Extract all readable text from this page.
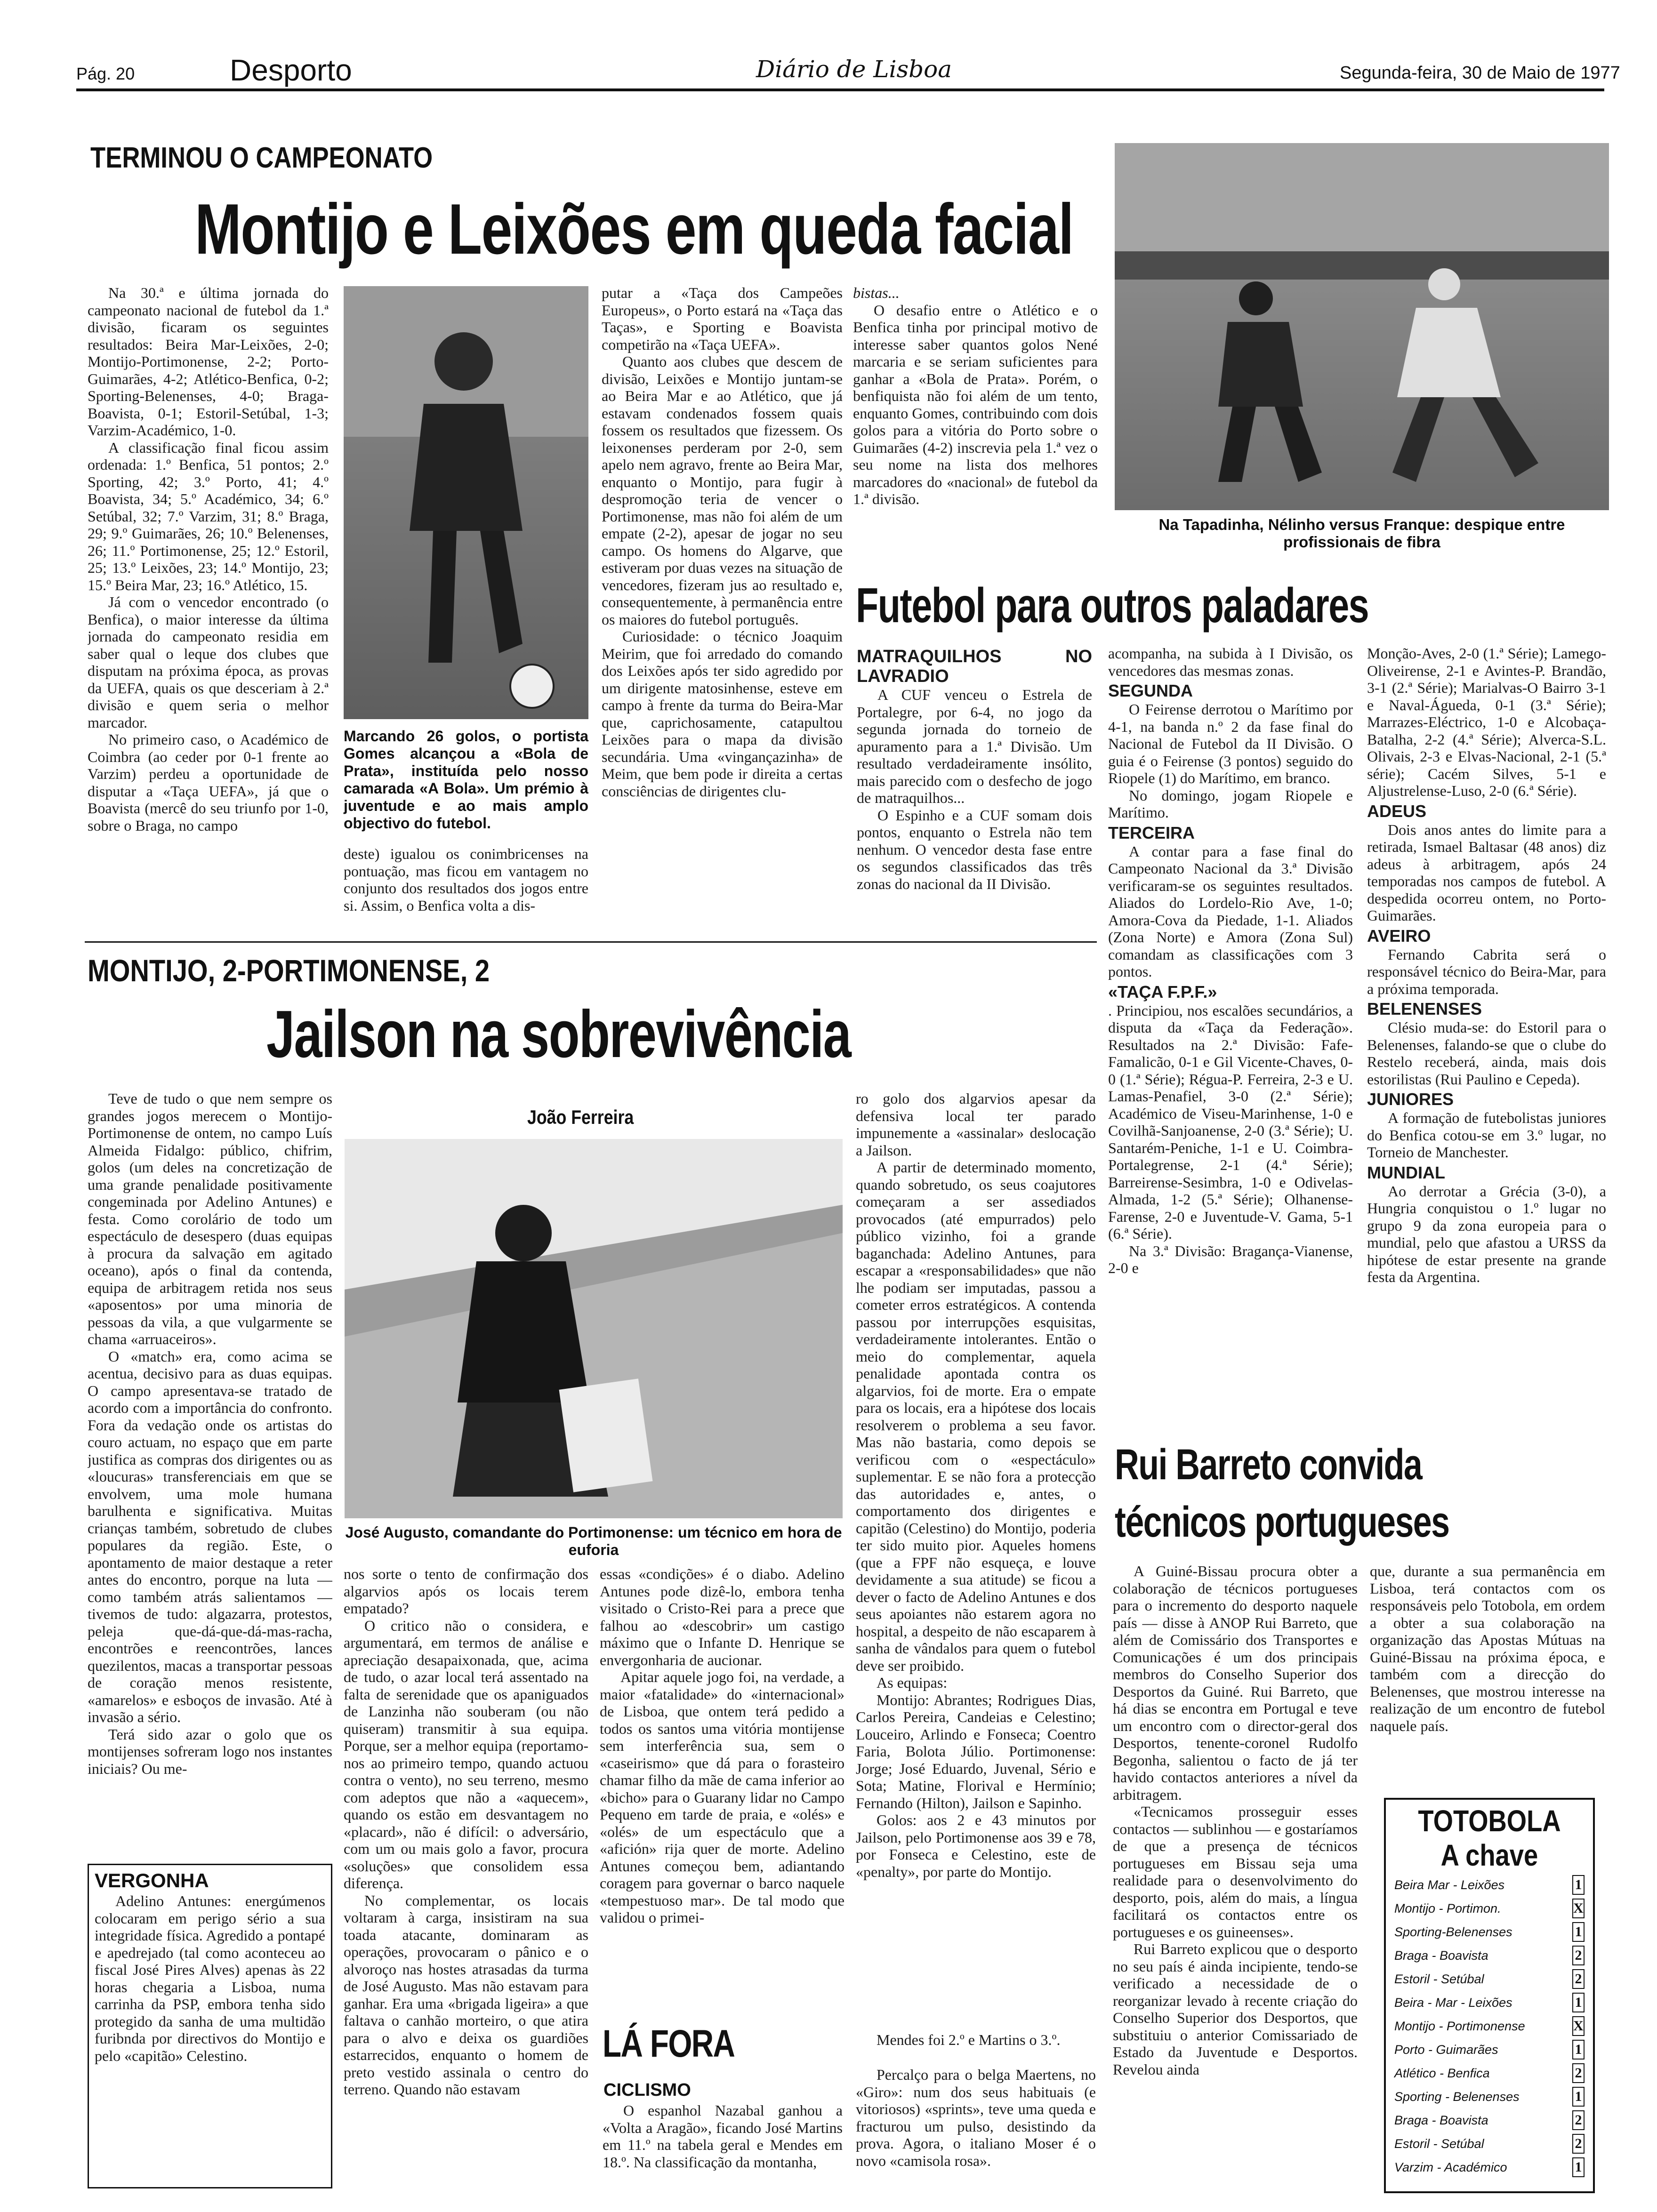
Pág. 20	Desporto	Diário de Lisboa	Segunda-feira, 30 de Maio de 1977
TERMINOU O CAMPEONATO
Montijo e Leixões em queda facial

Na 30.ª e última jornada do campeonato nacional de futebol da 1.ª divisão, ficaram os seguintes resultados: Beira Mar-Leixões, 2-0; Montijo-Portimonense, 2-2; Porto-Guimarães, 4-2; Atlético-Benfica, 0-2; Sporting-Belenenses, 4-0; Braga-Boavista, 0-1; Estoril-Setúbal, 1-3; Varzim-Académico, 1-0.

A classificação final ficou assim ordenada: 1.º Benfica, 51 pontos; 2.º Sporting, 42; 3.º Porto, 41; 4.º Boavista, 34; 5.º Académico, 34; 6.º Setúbal, 32; 7.º Varzim, 31; 8.º Braga, 29; 9.º Guimarães, 26; 10.º Belenenses, 26; 11.º Portimonense, 25; 12.º Estoril, 25; 13.º Leixões, 23; 14.º Montijo, 23; 15.º Beira Mar, 23; 16.º Atlético, 15.

Já com o vencedor encontrado (o Benfica), o maior interesse da última jornada do campeonato residia em saber qual o leque dos clubes que disputam na próxima época, as provas da UEFA, quais os que desceriam à 2.ª divisão e quem seria o melhor marcador.

No primeiro caso, o Académico de Coimbra (ao ceder por 0-1 frente ao Varzim) perdeu a oportunidade de disputar a «Taça UEFA», já que o Boavista (mercê do seu triunfo por 1-0, sobre o Braga, no campo

Marcando 26 golos, o portista Gomes alcançou a «Bola de Prata», instituída pelo nosso camarada «A Bola». Um prémio à juventude e ao mais amplo objectivo do futebol.

deste) igualou os conimbricenses na pontuação, mas ficou em vantagem no conjunto dos resultados dos jogos entre si. Assim, o Benfica volta a dis-

putar a «Taça dos Campeões Europeus», o Porto estará na «Taça das Taças», e Sporting e Boavista competirão na «Taça UEFA».

Quanto aos clubes que descem de divisão, Leixões e Montijo juntam-se ao Beira Mar e ao Atlético, que já estavam condenados fossem quais fossem os resultados que fizessem. Os leixonenses perderam por 2-0, sem apelo nem agravo, frente ao Beira Mar, enquanto o Montijo, para fugir à despromoção teria de vencer o Portimonense, mas não foi além de um empate (2-2), apesar de jogar no seu campo. Os homens do Algarve, que estiveram por duas vezes na situação de vencedores, fizeram jus ao resultado e, consequentemente, à permanência entre os maiores do futebol português.

Curiosidade: o técnico Joaquim Meirim, que foi arredado do comando dos Leixões após ter sido agredido por um dirigente matosinhense, esteve em campo à frente da turma do Beira-Mar que, caprichosamente, catapultou Leixões para o mapa da divisão secundária. Uma «vingançazinha» de Meim, que bem pode ir direita a certas consciências de dirigentes clu-

bistas...

O desafio entre o Atlético e o Benfica tinha por principal motivo de interesse saber quantos golos Nené marcaria e se seriam suficientes para ganhar a «Bola de Prata». Porém, o benfiquista não foi além de um tento, enquanto Gomes, contribuindo com dois golos para a vitória do Porto sobre o Guimarães (4-2) inscrevia pela 1.ª vez o seu nome na lista dos melhores marcadores do «nacional» de futebol da 1.ª divisão.

Na Tapadinha, Nélinho versus Franque: despique entre profissionais de fibra
Futebol para outros paladares
MATRAQUILHOS NO LAVRADIO

A CUF venceu o Estrela de Portalegre, por 6-4, no jogo da segunda jornada do torneio de apuramento para a 1.ª Divisão. Um resultado verdadeiramente insólito, mais parecido com o desfecho de jogo de matraquilhos...

O Espinho e a CUF somam dois pontos, enquanto o Estrela não tem nenhum. O vencedor desta fase entre os segundos classificados das três zonas do nacional da II Divisão.

acompanha, na subida à I Divisão, os vencedores das mesmas zonas.

SEGUNDA

O Feirense derrotou o Marítimo por 4-1, na banda n.º 2 da fase final do Nacional de Futebol da II Divisão. O guia é o Feirense (3 pontos) seguido do Riopele (1) do Marítimo, em branco.

No domingo, jogam Riopele e Marítimo.

TERCEIRA

A contar para a fase final do Campeonato Nacional da 3.ª Divisão verificaram-se os seguintes resultados. Aliados do Lordelo-Rio Ave, 1-0; Amora-Cova da Piedade, 1-1. Aliados (Zona Norte) e Amora (Zona Sul) comandam as classificações com 3 pontos.

«TAÇA F.P.F.»

. Principiou, nos escalões secundários, a disputa da «Taça da Federação». Resultados na 2.ª Divisão: Fafe-Famalicão, 0-1 e Gil Vicente-Chaves, 0-0 (1.ª Série); Régua-P. Ferreira, 2-3 e U. Lamas-Penafiel, 3-0 (2.ª Série); Académico de Viseu-Marinhense, 1-0 e Covilhã-Sanjoanense, 2-0 (3.ª Série); U. Santarém-Peniche, 1-1 e U. Coimbra-Portalegrense, 2-1 (4.ª Série); Barreirense-Sesimbra, 1-0 e Odivelas-Almada, 1-2 (5.ª Série); Olhanense-Farense, 2-0 e Juventude-V. Gama, 5-1 (6.ª Série).

Na 3.ª Divisão: Bragança-Vianense, 2-0 e

Monção-Aves, 2-0 (1.ª Série); Lamego-Oliveirense, 2-1 e Avintes-P. Brandão, 3-1 (2.ª Série); Marialvas-O Bairro 3-1 e Naval-Águeda, 0-1 (3.ª Série); Marrazes-Eléctrico, 1-0 e Alcobaça-Batalha, 2-2 (4.ª Série); Alverca-S.L. Olivais, 2-3 e Elvas-Nacional, 2-1 (5.ª série); Cacém Silves, 5-1 e Aljustrelense-Luso, 2-0 (6.ª Série).

ADEUS

Dois anos antes do limite para a retirada, Ismael Baltasar (48 anos) diz adeus à arbitragem, após 24 temporadas nos campos de futebol. A despedida ocorreu ontem, no Porto-Guimarães.

AVEIRO

Fernando Cabrita será o responsável técnico do Beira-Mar, para a próxima temporada.

BELENENSES

Clésio muda-se: do Estoril para o Belenenses, falando-se que o clube do Restelo receberá, ainda, mais dois estorilistas (Rui Paulino e Cepeda).

JUNIORES

A formação de futebolistas juniores do Benfica cotou-se em 3.º lugar, no Torneio de Manchester.

MUNDIAL

Ao derrotar a Grécia (3-0), a Hungria conquistou o 1.º lugar no grupo 9 da zona europeia para o mundial, pelo que afastou a URSS da hipótese de estar presente na grande festa da Argentina.

MONTIJO, 2-PORTIMONENSE, 2
Jailson na sobrevivência

Teve de tudo o que nem sempre os grandes jogos merecem o Montijo-Portimonense de ontem, no campo Luís Almeida Fidalgo: público, chifrim, golos (um deles na concretização de uma grande penalidade positivamente congeminada por Adelino Antunes) e festa. Como corolário de todo um espectáculo de desespero (duas equipas à procura da salvação em agitado oceano), após o final da contenda, equipa de arbitragem retida nos seus «aposentos» por uma minoria de pessoas da vila, a que vulgarmente se chama «arruaceiros».

O «match» era, como acima se acentua, decisivo para as duas equipas. O campo apresentava-se tratado de acordo com a importância do confronto. Fora da vedação onde os artistas do couro actuam, no espaço que em parte justifica as compras dos dirigentes ou as «loucuras» transferenciais em que se envolvem, uma mole humana barulhenta e significativa. Muitas crianças também, sobretudo de clubes populares da região. Este, o apontamento de maior destaque a reter antes do encontro, porque na luta — como também atrás salientamos — tivemos de tudo: algazarra, protestos, peleja que-dá-que-dá-mas-racha, encontrões e reencontrões, lances quezilentos, macas a transportar pessoas de coração menos resistente, «amarelos» e esboços de invasão. Até à invasão a sério.

Terá sido azar o golo que os montijenses sofreram logo nos instantes iniciais? Ou me-

João Ferreira
José Augusto, comandante do Portimonense: um técnico em hora de euforia

nos sorte o tento de confirmação dos algarvios após os locais terem empatado?

O critico não o considera, e argumentará, em termos de análise e apreciação desapaixonada, que, acima de tudo, o azar local terá assentado na falta de serenidade que os apaniguados de Lanzinha não souberam (ou não quiseram) transmitir à sua equipa. Porque, ser a melhor equipa (reportamo-nos ao primeiro tempo, quando actuou contra o vento), no seu terreno, mesmo com adeptos que não a «aquecem», quando os estão em desvantagem no «placard», não é difícil: o adversário, com um ou mais golo a favor, procura «soluções» que consolidem essa diferença.

No complementar, os locais voltaram à carga, insistiram na sua toada atacante, dominaram as operações, provocaram o pânico e o alvoroço nas hostes atrasadas da turma de José Augusto. Mas não estavam para ganhar. Era uma «brigada ligeira» a que faltava o canhão morteiro, o que atira para o alvo e deixa os guardiões estarrecidos, enquanto o homem de preto vestido assinala o centro do terreno. Quando não estavam

essas «condições» é o diabo. Adelino Antunes pode dizê-lo, embora tenha visitado o Cristo-Rei para a prece que falhou ao «descobrir» um castigo máximo que o Infante D. Henrique se envergonharia de aucionar.

Apitar aquele jogo foi, na verdade, a maior «fatalidade» do «internacional» de Lisboa, que ontem terá pedido a todos os santos uma vitória montijense sem interferência sua, sem o «caseirismo» que dá para o forasteiro chamar filho da mãe de cama inferior ao «bicho» para o Guarany lidar no Campo Pequeno em tarde de praia, e «olés» e «olés» de um espectáculo que a «afición» rija quer de morte. Adelino Antunes começou bem, adiantando coragem para governar o barco naquele «tempestuoso mar». De tal modo que validou o primei-

ro golo dos algarvios apesar da defensiva local ter parado impunemente a «assinalar» deslocação a Jailson.

A partir de determinado momento, quando sobretudo, os seus coajutores começaram a ser assediados provocados (até empurrados) pelo público vizinho, foi a grande baganchada: Adelino Antunes, para escapar a «responsabilidades» que não lhe podiam ser imputadas, passou a cometer erros estratégicos. A contenda passou por interrupções esquisitas, verdadeiramente intolerantes. Então o meio do complementar, aquela penalidade apontada contra os algarvios, foi de morte. Era o empate para os locais, era a hipótese dos locais resolverem o problema a seu favor. Mas não bastaria, como depois se verificou com o «espectáculo» suplementar. E se não fora a protecção das autoridades e, antes, o comportamento dos dirigentes e capitão (Celestino) do Montijo, poderia ter sido muito pior. Aqueles homens (que a FPF não esqueça, e louve devidamente a sua atitude) se ficou a dever o facto de Adelino Antunes e dos seus apoiantes não estarem agora no hospital, a despeito de não escaparem à sanha de vândalos para quem o futebol deve ser proibido.

As equipas:

Montijo: Abrantes; Rodrigues Dias, Carlos Pereira, Candeias e Celestino; Louceiro, Arlindo e Fonseca; Coentro Faria, Bolota Júlio. Portimonense: Jorge; José Eduardo, Juvenal, Sério e Sota; Matine, Florival e Hermínio; Fernando (Hilton), Jailson e Sapinho.

Golos: aos 2 e 43 minutos por Jailson, pelo Portimonense aos 39 e 78, por Fonseca e Celestino, este de «penalty», por parte do Montijo.

VERGONHA
Adelino Antunes: energúmenos colocaram em perigo sério a sua integridade física. Agredido a pontapé e apedrejado (tal como aconteceu ao fiscal José Pires Alves) apenas às 22 horas chegaria a Lisboa, numa carrinha da PSP, embora tenha sido protegido da sanha de uma multidão furibnda por directivos do Montijo e pelo «capitão» Celestino.	LÁ FORA
CICLISMO
O espanhol Nazabal ganhou a «Volta a Aragão», ficando José Martins em 11.º na tabela geral e Mendes em 18.º. Na classificação da montanha,
Mendes foi 2.º e Martins o 3.º.
Percalço para o belga Maertens, no «Giro»: num dos seus habituais (e vitoriosos) «sprints», teve uma queda e fracturou um pulso, desistindo da prova. Agora, o italiano Moser é o novo «camisola rosa».
Rui Barreto convida
técnicos portugueses

A Guiné-Bissau procura obter a colaboração de técnicos portugueses para o incremento do desporto naquele país — disse à ANOP Rui Barreto, que além de Comissário dos Transportes e Comunicações é um dos principais membros do Conselho Superior dos Desportos da Guiné. Rui Barreto, que há dias se encontra em Portugal e teve um encontro com o director-geral dos Desportos, tenente-coronel Rudolfo Begonha, salientou o facto de já ter havido contactos anteriores a nível da arbitragem.

«Tecnicamos prosseguir esses contactos — sublinhou — e gostaríamos de que a presença de técnicos portugueses em Bissau seja uma realidade para o desenvolvimento do desporto, pois, além do mais, a língua facilitará os contactos entre os portugueses e os guineenses».

Rui Barreto explicou que o desporto no seu país é ainda incipiente, tendo-se verificado a necessidade de o reorganizar levado à recente criação do Conselho Superior dos Desportos, que substituiu o anterior Comissariado de Estado da Juventude e Desportos. Revelou ainda

que, durante a sua permanência em Lisboa, terá contactos com os responsáveis pelo Totobola, em ordem a obter a sua colaboração na organização das Apostas Mútuas na Guiné-Bissau na próxima época, e também com a direcção do Belenenses, que mostrou interesse na realização de um encontro de futebol naquele país.

TOTOBOLA
A chave
Beira Mar - Leixões	1
Montijo - Portimon.	X
Sporting-Belenenses	1
Braga - Boavista	2
Estoril - Setúbal	2
Beira - Mar - Leixões	1
Montijo - Portimonense	X
Porto - Guimarães	1
Atlético - Benfica	2
Sporting - Belenenses	1
Braga - Boavista	2
Estoril - Setúbal	2
Varzim - Académico	1
